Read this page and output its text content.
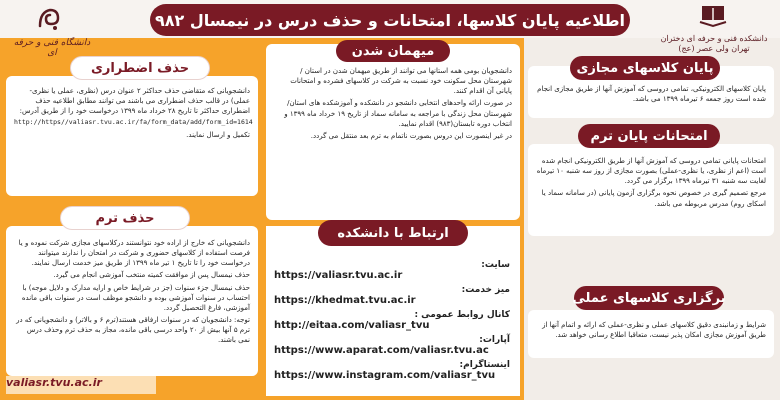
اطلاعیه پایان کلاسها، امتحانات و حذف درس در نیمسال ۹۸۲
دانشگاه فنی و حرفه ای
دانشکده فنی و حرفه ای دختران تهران ولی عصر (عج)

پایان کلاسهای الکترونیکی، تمامی دروسی که آموزش آنها از طریق مجازی انجام شده است روز جمعه ۶ تیرماه ۱۳۹۹ می باشد.

پایان کلاسهای مجازی

امتحانات پایانی تمامی دروسی که آموزش آنها از طریق الکترونیکی انجام شده است (اعم از نظری، یا نظری-عملی) بصورت مجازی از روز سه شنبه ۱۰ تیرماه لغایت سه شنبه ۳۱ تیرماه ۱۳۹۹ برگزار می گردد.

مرجع تصمیم گیری در خصوص نحوه برگزاری آزمون پایانی (در سامانه سماد یا اسکای روم) مدرس مربوطه می باشد.

امتحانات پایان ترم

شرایط و زمانبندی دقیق کلاسهای عملی و نظری-عملی که ارائه و اتمام آنها از طریق آموزش مجازی امکان پذیر نیست، متعاقبا اطلاع رسانی خواهد شد.

برگزاری کلاسهای عملی

دانشجویان بومی همه استانها می توانند از طریق میهمان شدن در استان / شهرستان محل سکونت خود نسبت به شرکت در کلاسهای فشرده و امتحانات پایانی آن اقدام کنند.

در صورت ارائه واحدهای انتخابی دانشجو در دانشکده و آموزشکده های استان/شهرستان محل زندگی با مراجعه به سامانه سماد از تاریخ ۱۹ خرداد ماه ۱۳۹۹ و انتخاب دوره تابستان(۹۸۳) اقدام نمایید.

در غیر اینصورت این دروس بصورت ناتمام به ترم بعد منتقل می گردد.

میهمان شدن
سایت:
https://valiasr.tvu.ac.ir
میز خدمت:
https://khedmat.tvu.ac.ir
کانال روابط عمومی :
http://eitaa.com/valiasr_tvu
آپارات:
https://www.aparat.com/valiasr.tvu.ac
اینستاگرام:
https://www.instagram.com/valiasr_tvu
ارتباط با دانشکده

دانشجویانی که متقاضی حذف حداکثر ۲ عنوان درس (نظری، عملی یا نظری-عملی) در قالب حذف اضطراری می باشند می توانند مطابق اطلاعیه حذف اضطراری حداکثر تا تاریخ ۲۸ خرداد ماه ۱۳۹۹ درخواست خود را از طریق آدرس:

http://https//valiasr.tvu.ac.ir/fa/form_data/add/form_id=1614

تکمیل و ارسال نمایند.

حذف اضطراری

دانشجویانی که خارج از اراده خود نتوانستند درکلاسهای مجازی شرکت نموده و یا فرصت استفاده از کلاسهای حضوری و شرکت در امتحان را ندارند میتوانند درخواست خود را تا تاریخ ۱ تیر ماه ۱۳۹۹ از طریق میز خدمت ارسال نمایند.

حذف نیمسال پس از موافقت کمیته منتخب آموزشی انجام می گیرد.

حذف نیمسال جزء سنوات (جز در شرایط خاص و ارایه مدارک و دلایل موجه) با احتساب در سنوات آموزشی بوده و دانشجو موظف است در سنوات باقی مانده آموزشی، فارغ التحصیل گردد.

توجه: دانشجویان که در سنوات ارفاقی هستند(ترم ۶ و بالاتر) و دانشجویانی که در ترم ۵ آنها بیش از ۲۰ واحد درسی باقی مانده، مجاز به حذف ترم وحذف درس نمی باشند.

حذف ترم
valiasr.tvu.ac.ir
